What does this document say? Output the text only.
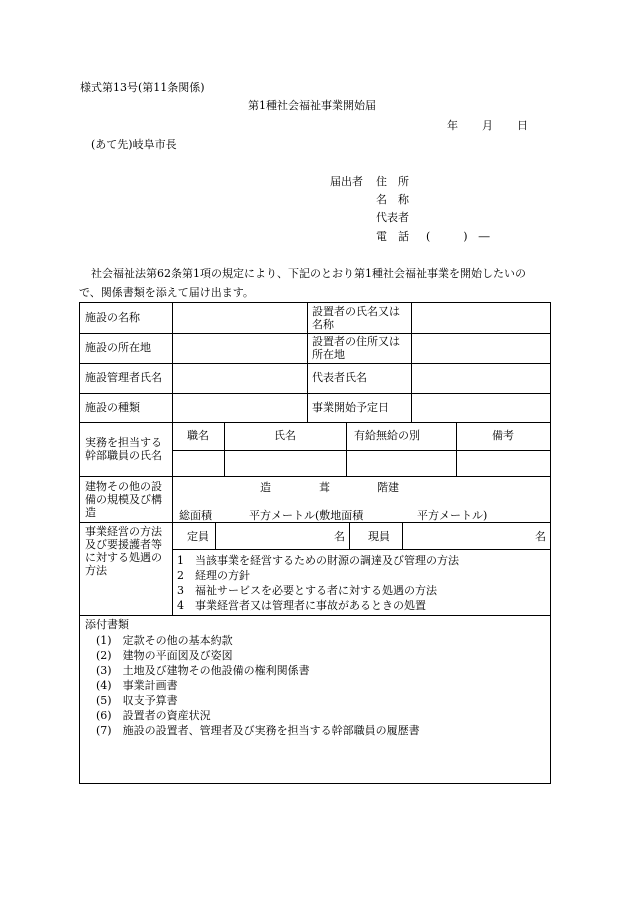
様式第13号(第11条関係)
第1種社会福祉事業開始届
年 月 日
(あて先)岐阜市長
届出者 住　所
名　称
代表者
電　話 (　　　)　―
社会福祉法第62条第1項の規定により、下記のとおり第1種社会福祉事業を開始したいの
で、関係書類を添えて届け出ます。
施設の名称	設置者の氏名又は名称
施設の所在地	設置者の住所又は所在地
施設管理者氏名	代表者氏名
施設の種類	事業開始予定日
実務を担当する幹部職員の氏名
職名	氏名	有給無給の別	備考
建物その他の設備の規模及び構造
造	葺	階建
総面積	平方メートル(敷地面積	平方メートル)
事業経営の方法及び要援護者等に対する処遇の方法
定員	名 現員	名
1　当該事業を経営するための財源の調達及び管理の方法
2　経理の方針
3　福祉サービスを必要とする者に対する処遇の方法
4　事業経営者又は管理者に事故があるときの処置
添付書類
(1)　定款その他の基本約款
(2)　建物の平面図及び姿図
(3)　土地及び建物その他設備の権利関係書
(4)　事業計画書
(5)　収支予算書
(6)　設置者の資産状況
(7)　施設の設置者、管理者及び実務を担当する幹部職員の履歴書
